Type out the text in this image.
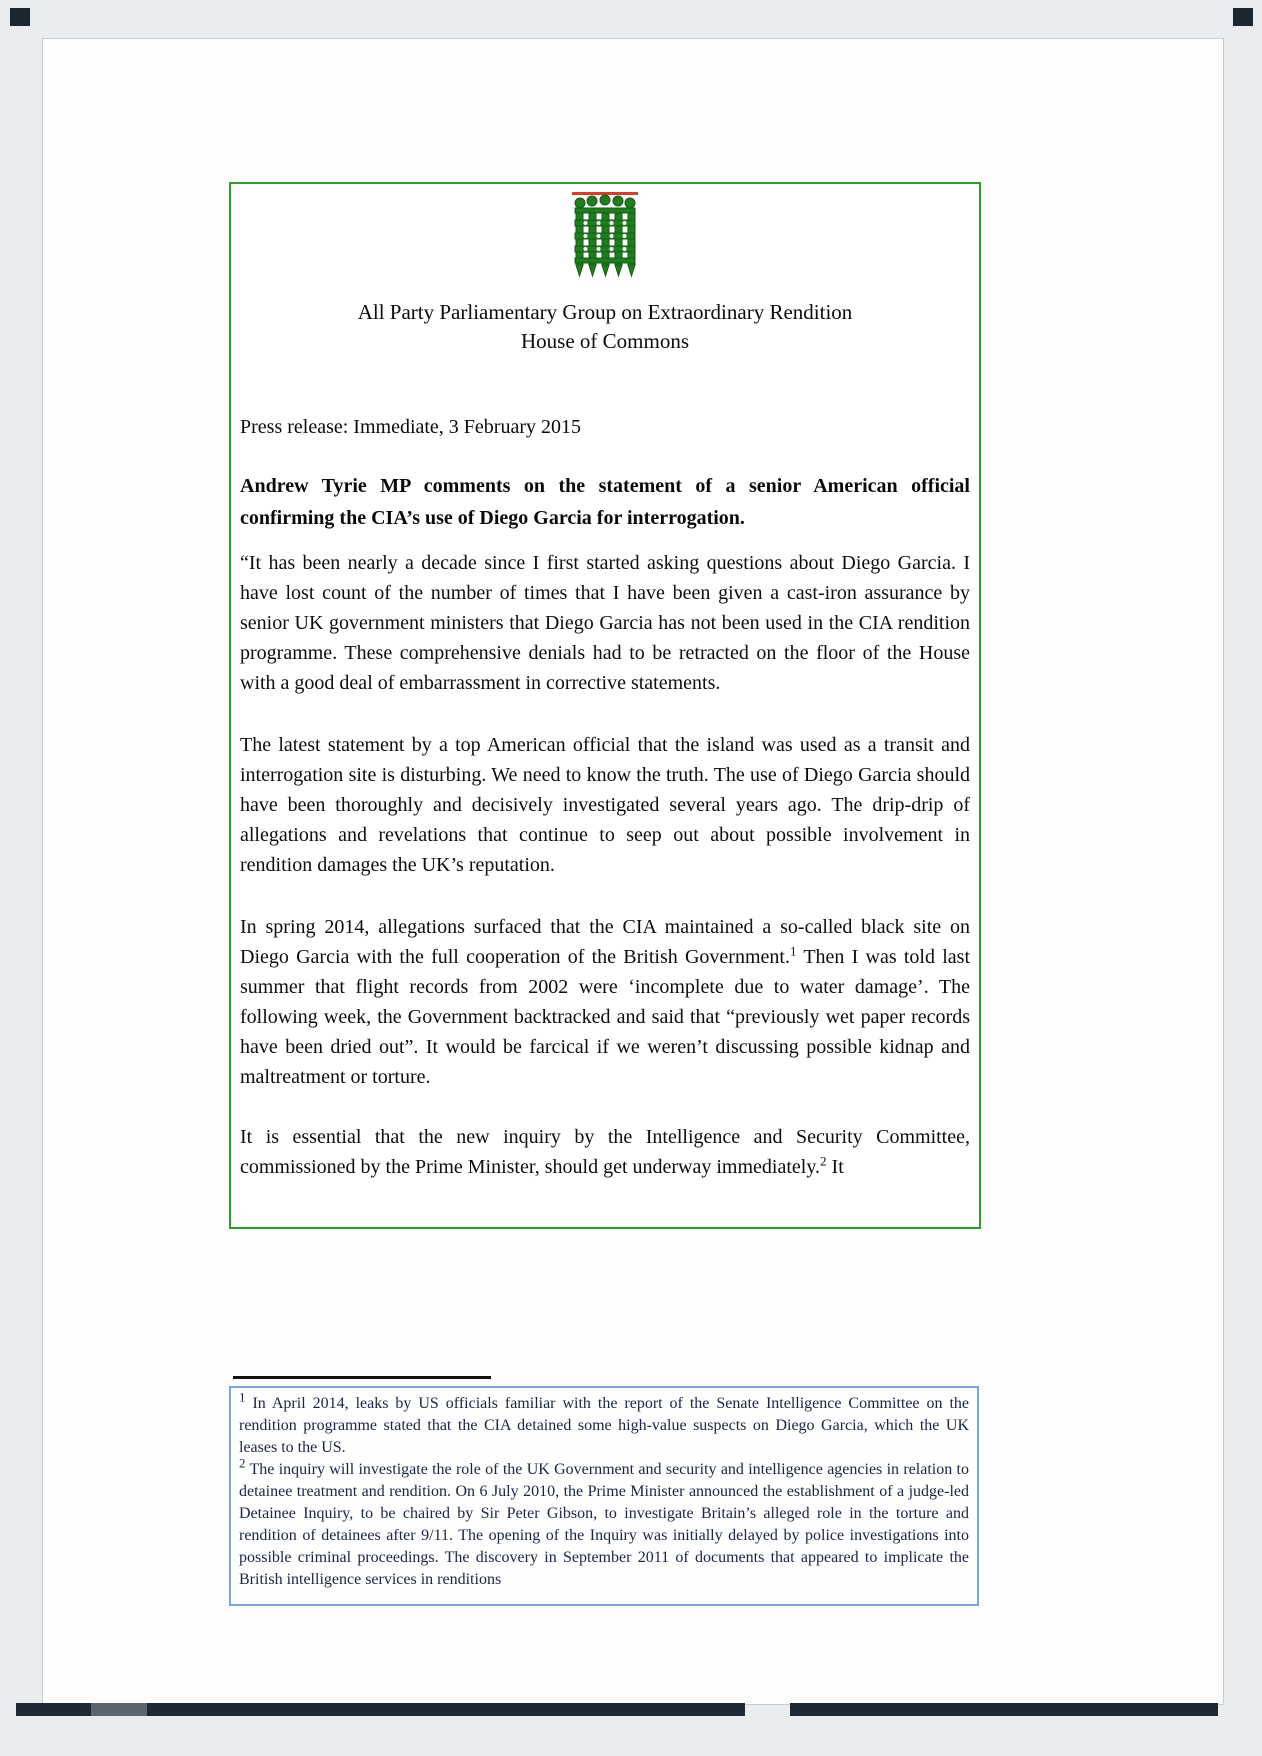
All Party Parliamentary Group on Extraordinary Rendition
House of Commons
Press release: Immediate, 3 February 2015
Andrew Tyrie MP comments on the statement of a senior American official confirming the CIA’s use of Diego Garcia for interrogation.

“It has been nearly a decade since I first started asking questions about Diego Garcia. I have lost count of the number of times that I have been given a cast-iron assurance by senior UK government ministers that Diego Garcia has not been used in the CIA rendition programme. These comprehensive denials had to be retracted on the floor of the House with a good deal of embarrassment in corrective statements.

The latest statement by a top American official that the island was used as a transit and interrogation site is disturbing. We need to know the truth. The use of Diego Garcia should have been thoroughly and decisively investigated several years ago. The drip-drip of allegations and revelations that continue to seep out about possible involvement in rendition damages the UK’s reputation.

In spring 2014, allegations surfaced that the CIA maintained a so-called black site on Diego Garcia with the full cooperation of the British Government.$^1$ Then I was told last summer that flight records from 2002 were ‘incomplete due to water damage’. The following week, the Government backtracked and said that “previously wet paper records have been dried out”. It would be farcical if we weren’t discussing possible kidnap and maltreatment or torture.

It is essential that the new inquiry by the Intelligence and Security Committee, commissioned by the Prime Minister, should get underway immediately.$^2$ It

$^1$ In April 2014, leaks by US officials familiar with the report of the Senate Intelligence Committee on the rendition programme stated that the CIA detained some high-value suspects on Diego Garcia, which the UK leases to the US.

$^2$ The inquiry will investigate the role of the UK Government and security and intelligence agencies in relation to detainee treatment and rendition. On 6 July 2010, the Prime Minister announced the establishment of a judge-led Detainee Inquiry, to be chaired by Sir Peter Gibson, to investigate Britain’s alleged role in the torture and rendition of detainees after 9/11. The opening of the Inquiry was initially delayed by police investigations into possible criminal proceedings. The discovery in September 2011 of documents that appeared to implicate the British intelligence services in renditions
